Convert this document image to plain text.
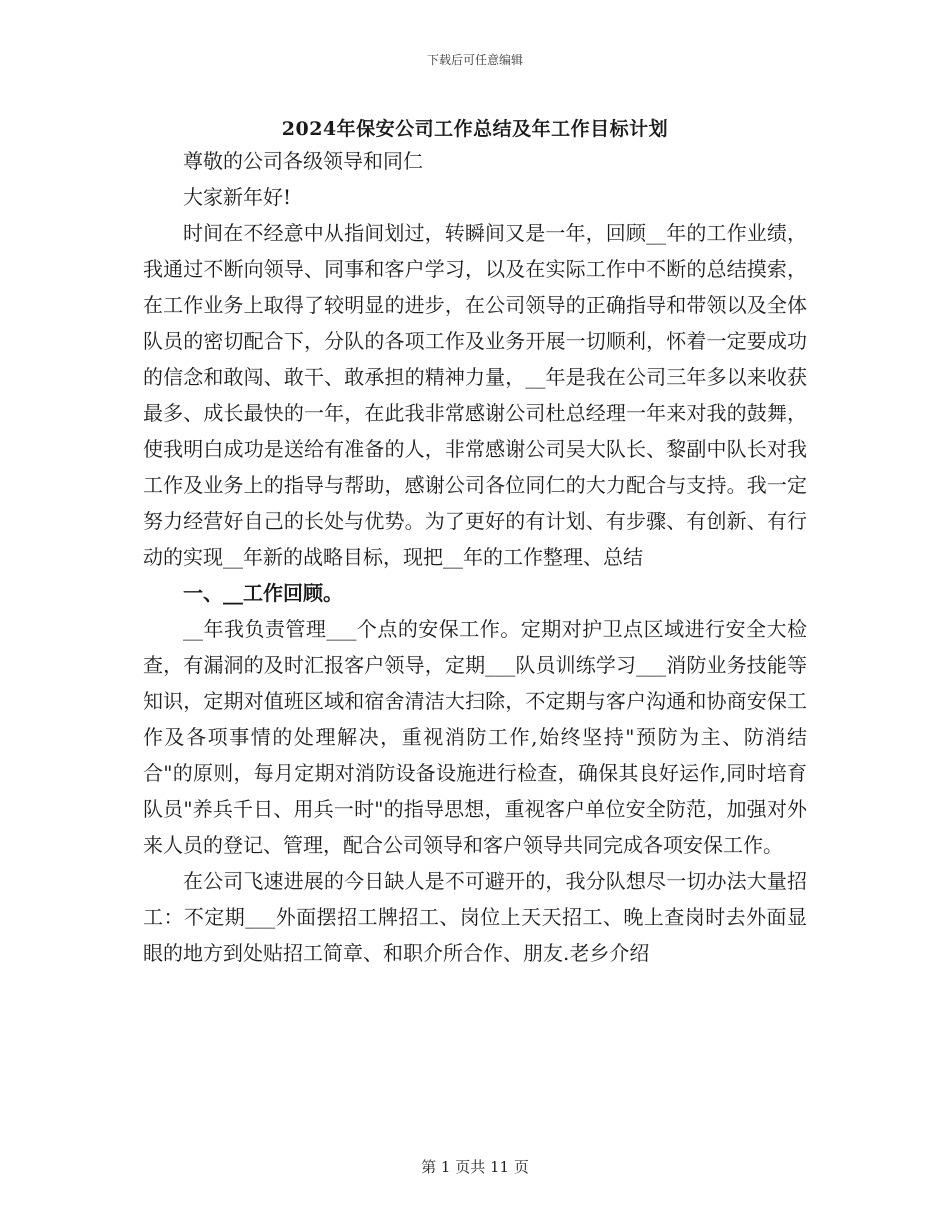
下载后可任意编辑
2024年保安公司工作总结及年工作目标计划

尊敬的公司各级领导和同仁

大家新年好!

时间在不经意中从指间划过，转瞬间又是一年，回顾__年的工作业绩，我通过不断向领导、同事和客户学习，以及在实际工作中不断的总结摸索，在工作业务上取得了较明显的进步，在公司领导的正确指导和带领以及全体队员的密切配合下，分队的各项工作及业务开展一切顺利，怀着一定要成功的信念和敢闯、敢干、敢承担的精神力量，__年是我在公司三年多以来收获最多、成长最快的一年，在此我非常感谢公司杜总经理一年来对我的鼓舞，使我明白成功是送给有准备的人，非常感谢公司吴大队长、黎副中队长对我工作及业务上的指导与帮助，感谢公司各位同仁的大力配合与支持。我一定努力经营好自己的长处与优势。为了更好的有计划、有步骤、有创新、有行动的实现__年新的战略目标，现把__年的工作整理、总结

一、__工作回顾。

__年我负责管理___个点的安保工作。定期对护卫点区域进行安全大检查，有漏洞的及时汇报客户领导，定期___队员训练学习___消防业务技能等知识，定期对值班区域和宿舍清洁大扫除，不定期与客户沟通和协商安保工作及各项事情的处理解决，重视消防工作,始终坚持"预防为主、防消结合"的原则，每月定期对消防设备设施进行检查，确保其良好运作,同时培育队员"养兵千日、用兵一时"的指导思想，重视客户单位安全防范，加强对外来人员的登记、管理，配合公司领导和客户领导共同完成各项安保工作。

在公司飞速进展的今日缺人是不可避开的，我分队想尽一切办法大量招工：不定期___外面摆招工牌招工、岗位上天天招工、晚上查岗时去外面显眼的地方到处贴招工简章、和职介所合作、朋友.老乡介绍

第 1 页共 11 页
